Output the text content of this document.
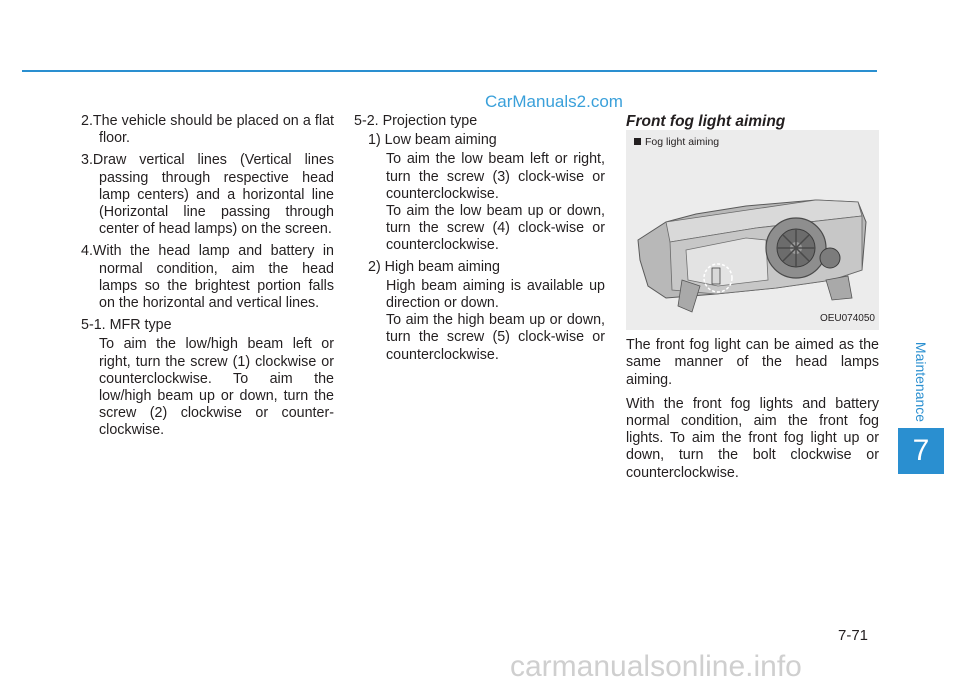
CarManuals2.com

2.The vehicle should be placed on a flat floor.

3.Draw vertical lines (Vertical lines passing through respective head lamp centers) and a horizontal line (Horizontal line passing through center of head lamps) on the screen.

4.With the head lamp and battery in normal condition, aim the head lamps so the brightest portion falls on the horizontal and vertical lines.

5-1. MFR type

To aim the low/high beam left or right, turn the screw (1) clockwise or counterclockwise. To aim the low/high beam up or down, turn the screw (2) clockwise or counter-clockwise.

5-2. Projection type

1) Low beam aiming

To aim the low beam left or right, turn the screw (3) clock-wise or counterclockwise.

To aim the low beam up or down, turn the screw (4) clock-wise or counterclockwise.

2) High beam aiming

High beam aiming is available up direction or down.

To aim the high beam up or down, turn the screw (5) clock-wise or counterclockwise.

Front fog light aiming

Fog light aiming
OEU074050

The front fog light can be aimed as the same manner of the head lamps aiming.

With the front fog lights and battery normal condition, aim the front fog lights. To aim the front fog light up or down, turn the bolt clockwise or counterclockwise.

Maintenance
7
7-71
carmanualsonline.info
